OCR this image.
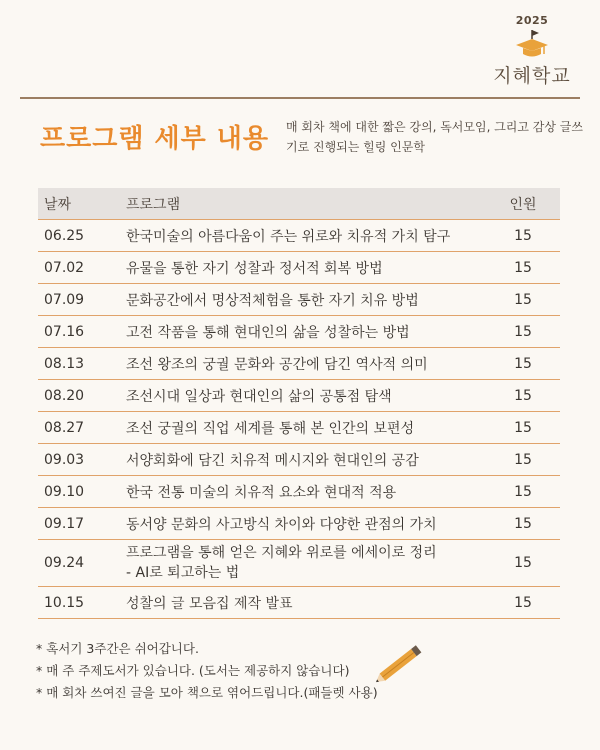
2025
지혜학교
프로그램 세부 내용 매 회차 책에 대한 짧은 강의, 독서모임, 그리고 감상 글쓰기로 진행되는 힐링 인문학
날짜	프로그램	인원
06.25	한국미술의 아름다움이 주는 위로와 치유적 가치 탐구	15
07.02	유물을 통한 자기 성찰과 정서적 회복 방법	15
07.09	문화공간에서 명상적체험을 통한 자기 치유 방법	15
07.16	고전 작품을 통해 현대인의 삶을 성찰하는 방법	15
08.13	조선 왕조의 궁궐 문화와 공간에 담긴 역사적 의미	15
08.20	조선시대 일상과 현대인의 삶의 공통점 탐색	15
08.27	조선 궁궐의 직업 세계를 통해 본 인간의 보편성	15
09.03	서양회화에 담긴 치유적 메시지와 현대인의 공감	15
09.10	한국 전통 미술의 치유적 요소와 현대적 적용	15
09.17	동서양 문화의 사고방식 차이와 다양한 관점의 가치	15
09.24	프로그램을 통해 얻은 지혜와 위로를 에세이로 정리
- AI로 퇴고하는 법	15
10.15	성찰의 글 모음집 제작 발표	15
* 혹서기 3주간은 쉬어갑니다.
* 매 주 주제도서가 있습니다. (도서는 제공하지 않습니다)
* 매 회차 쓰여진 글을 모아 책으로 엮어드립니다.(패들렛 사용)
